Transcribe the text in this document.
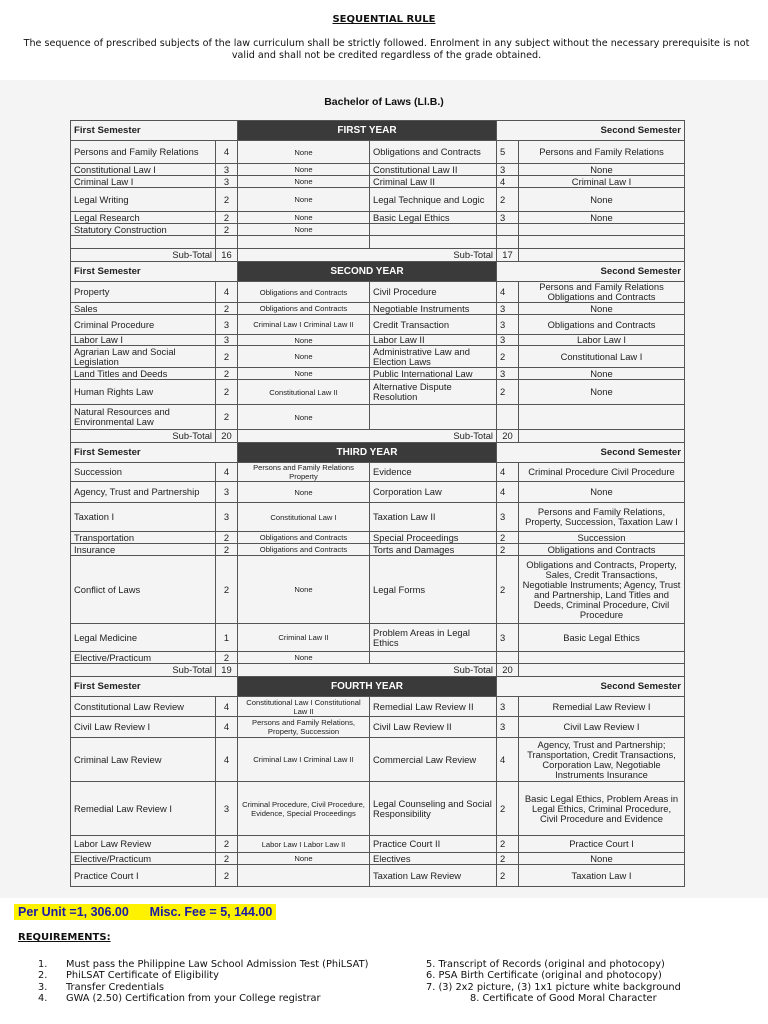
SEQUENTIAL RULE
The sequence of prescribed subjects of the law curriculum shall be strictly followed. Enrolment in any subject without the necessary prerequisite is not valid and shall not be credited regardless of the grade obtained.
Bachelor of Laws (Ll.B.)
First Semester		FIRST YEAR		Second Semester	
Persons and Family Relations	4	None	Obligations and Contracts	5	Persons and Family Relations
Constitutional Law I	3	None	Constitutional Law II	3	None
Criminal Law I	3	None	Criminal Law II	4	Criminal Law I
Legal Writing	2	None	Legal Technique and Logic	2	None
Legal Research	2	None	Basic Legal Ethics	3	None
Statutory Construction	2	None			

Sub-Total	16	Sub-Total		17	
First Semester		SECOND YEAR		Second Semester	
Property	4	Obligations and Contracts	Civil Procedure	4	Persons and Family Relations Obligations and Contracts
Sales	2	Obligations and Contracts	Negotiable Instruments	3	None
Criminal Procedure	3	Criminal Law I Criminal Law II	Credit Transaction	3	Obligations and Contracts
Labor Law I	3	None	Labor Law II	3	Labor Law I
Agrarian Law and Social Legislation	2	None	Administrative Law and Election Laws	2	Constitutional Law I
Land Titles and Deeds	2	None	Public International Law	3	None
Human Rights Law	2	Constitutional Law II	Alternative Dispute Resolution	2	None
Natural Resources and Environmental Law	2	None			
Sub-Total	20	Sub-Total		20	
First Semester		THIRD YEAR		Second Semester	
Succession	4	Persons and Family Relations Property	Evidence	4	Criminal Procedure Civil Procedure
Agency, Trust and Partnership	3	None	Corporation Law	4	None
Taxation I	3	Constitutional Law I	Taxation Law II	3	Persons and Family Relations, Property, Succession, Taxation Law I
Transportation	2	Obligations and Contracts	Special Proceedings	2	Succession
Insurance	2	Obligations and Contracts	Torts and Damages	2	Obligations and Contracts
Conflict of Laws	2	None	Legal Forms	2	Obligations and Contracts, Property, Sales, Credit Transactions, Negotiable Instruments; Agency, Trust and Partnership, Land Titles and Deeds, Criminal Procedure, Civil Procedure
Legal Medicine	1	Criminal Law II	Problem Areas in Legal Ethics	3	Basic Legal Ethics
Elective/Practicum	2	None			
Sub-Total	19	Sub-Total		20	
First Semester		FOURTH YEAR		Second Semester	
Constitutional Law Review	4	Constitutional Law I Constitutional Law II	Remedial Law Review II	3	Remedial Law Review I
Civil Law Review I	4	Persons and Family Relations, Property, Succession	Civil Law Review II	3	Civil Law Review I
Criminal Law Review	4	Criminal Law I Criminal Law II	Commercial Law Review	4	Agency, Trust and Partnership; Transportation, Credit Transactions, Corporation Law, Negotiable Instruments Insurance
Remedial Law Review I	3	Criminal Procedure, Civil Procedure, Evidence, Special Proceedings	Legal Counseling and Social Responsibility	2	Basic Legal Ethics, Problem Areas in Legal Ethics, Criminal Procedure, Civil Procedure and Evidence
Labor Law Review	2	Labor Law I Labor Law II	Practice Court II	2	Practice Court I
Elective/Practicum	2	None	Electives	2	None
Practice Court I	2		Taxation Law Review	2	Taxation Law I
Per Unit =1, 306.00 Misc. Fee = 5, 144.00
REQUIREMENTS:
1. Must pass the Philippine Law School Admission Test (PhiLSAT)
2. PhiLSAT Certificate of Eligibility
3. Transfer Credentials
4. GWA (2.50) Certification from your College registrar
5. Transcript of Records (original and photocopy)
6. PSA Birth Certificate (original and photocopy)
7. (3) 2x2 picture, (3) 1x1 picture white background
8. Certificate of Good Moral Character
